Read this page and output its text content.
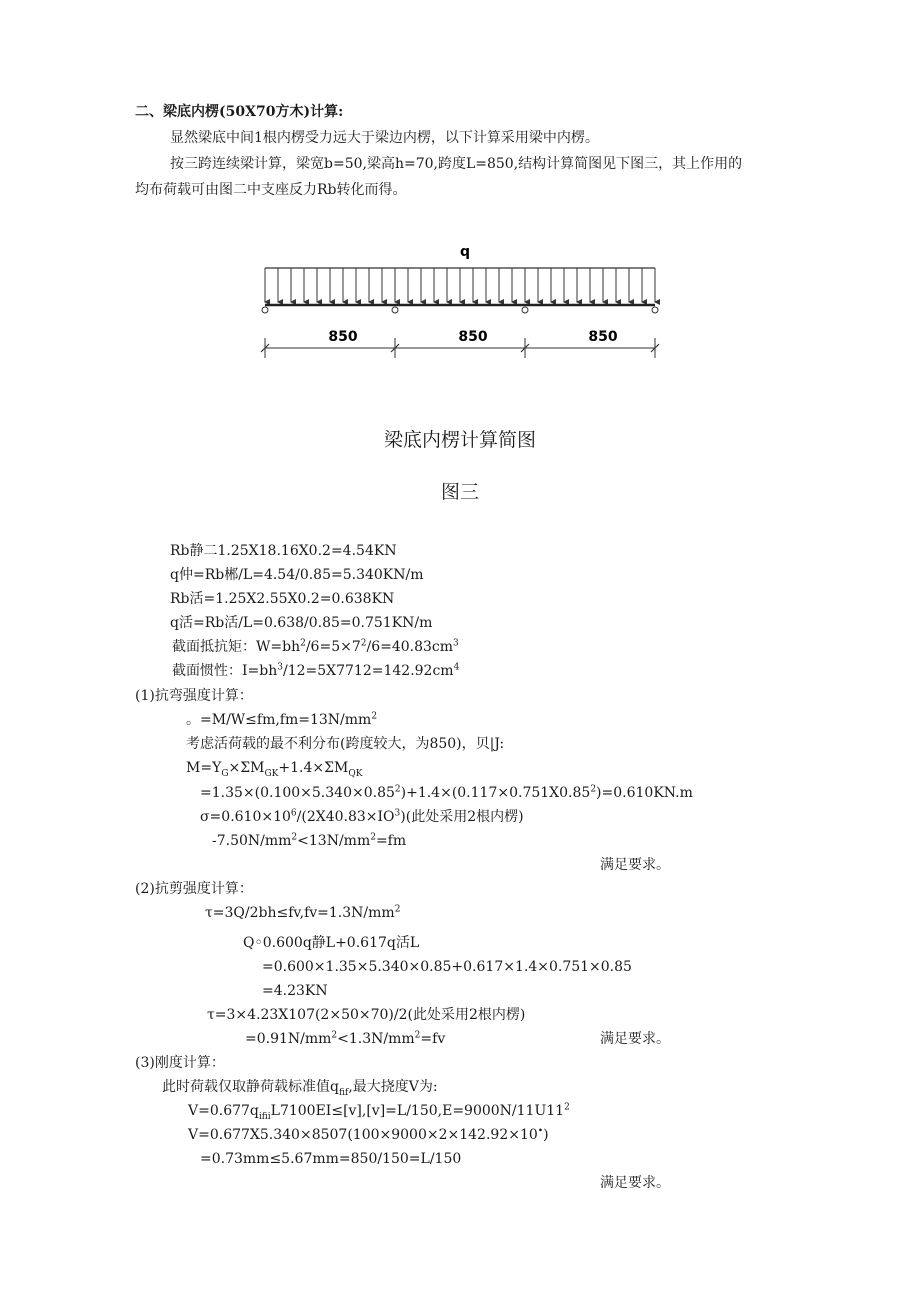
二、梁底内楞(50X70方木)计算:
显然梁底中间1根内楞受力远大于梁边内楞，以下计算采用梁中内楞。
按三跨连续梁计算，梁宽b=50,梁高h=70,跨度L=850,结构计算简图见下图三，其上作用的
均布荷载可由图二中支座反力Rb转化而得。
q
850	850	850
梁底内楞计算简图
图三
Rb静二1.25X18.16X0.2=4.54KN
q仲=Rb郴/L=4.54/0.85=5.340KN/m
Rb活=1.25X2.55X0.2=0.638KN
q活=Rb活/L=0.638/0.85=0.751KN/m
截面抵抗矩：$W=bh^2/6=5\times 7^2/6=40.83cm^3$
截面惯性：$I=bh^3/12=5X7712=142.92cm^4$
(1)抗弯强度计算：
。$=M/W\le fm,fm=13N/mm^2$
考虑活荷载的最不利分布(跨度较大，为850)，贝|J:
$M=Y_G\times\Sigma M_{GK}+1.4\times\Sigma M_{QK}$
$=1.35\times(0.100\times 5.340\times 0.85^2)+1.4\times(0.117\times 0.751X0.85^2)=0.610KN.m$
$\sigma=0.610\times 10^6/(2X40.83\times IO^3)$(此处采用2根内楞)
$-7.50N/mm^2<13N/mm^2=fm$
满足要求。
(2)抗剪强度计算：
$\tau=3Q/2bh\le fv,fv=1.3N/mm^2$
Q◦0.600q静L+0.617q活L
=0.600×1.35×5.340×0.85+0.617×1.4×0.751×0.85
=4.23KN
τ=3×4.23X107(2×50×70)/2(此处采用2根内楞)
$=0.91N/mm^2<1.3N/mm^2=fv$	满足要求。
(3)刚度计算：
此时荷载仅取静荷载标准值$q_{fif}$,最大挠度V为:
$V=0.677q_{ifii}L7100EI\le[v],[v]=L/150,E=9000N/11U11^2$
V=0.677X5.340×8507(100×9000×2×142.92×10•)
=0.73mm≤5.67mm=850/150=L/150
满足要求。
